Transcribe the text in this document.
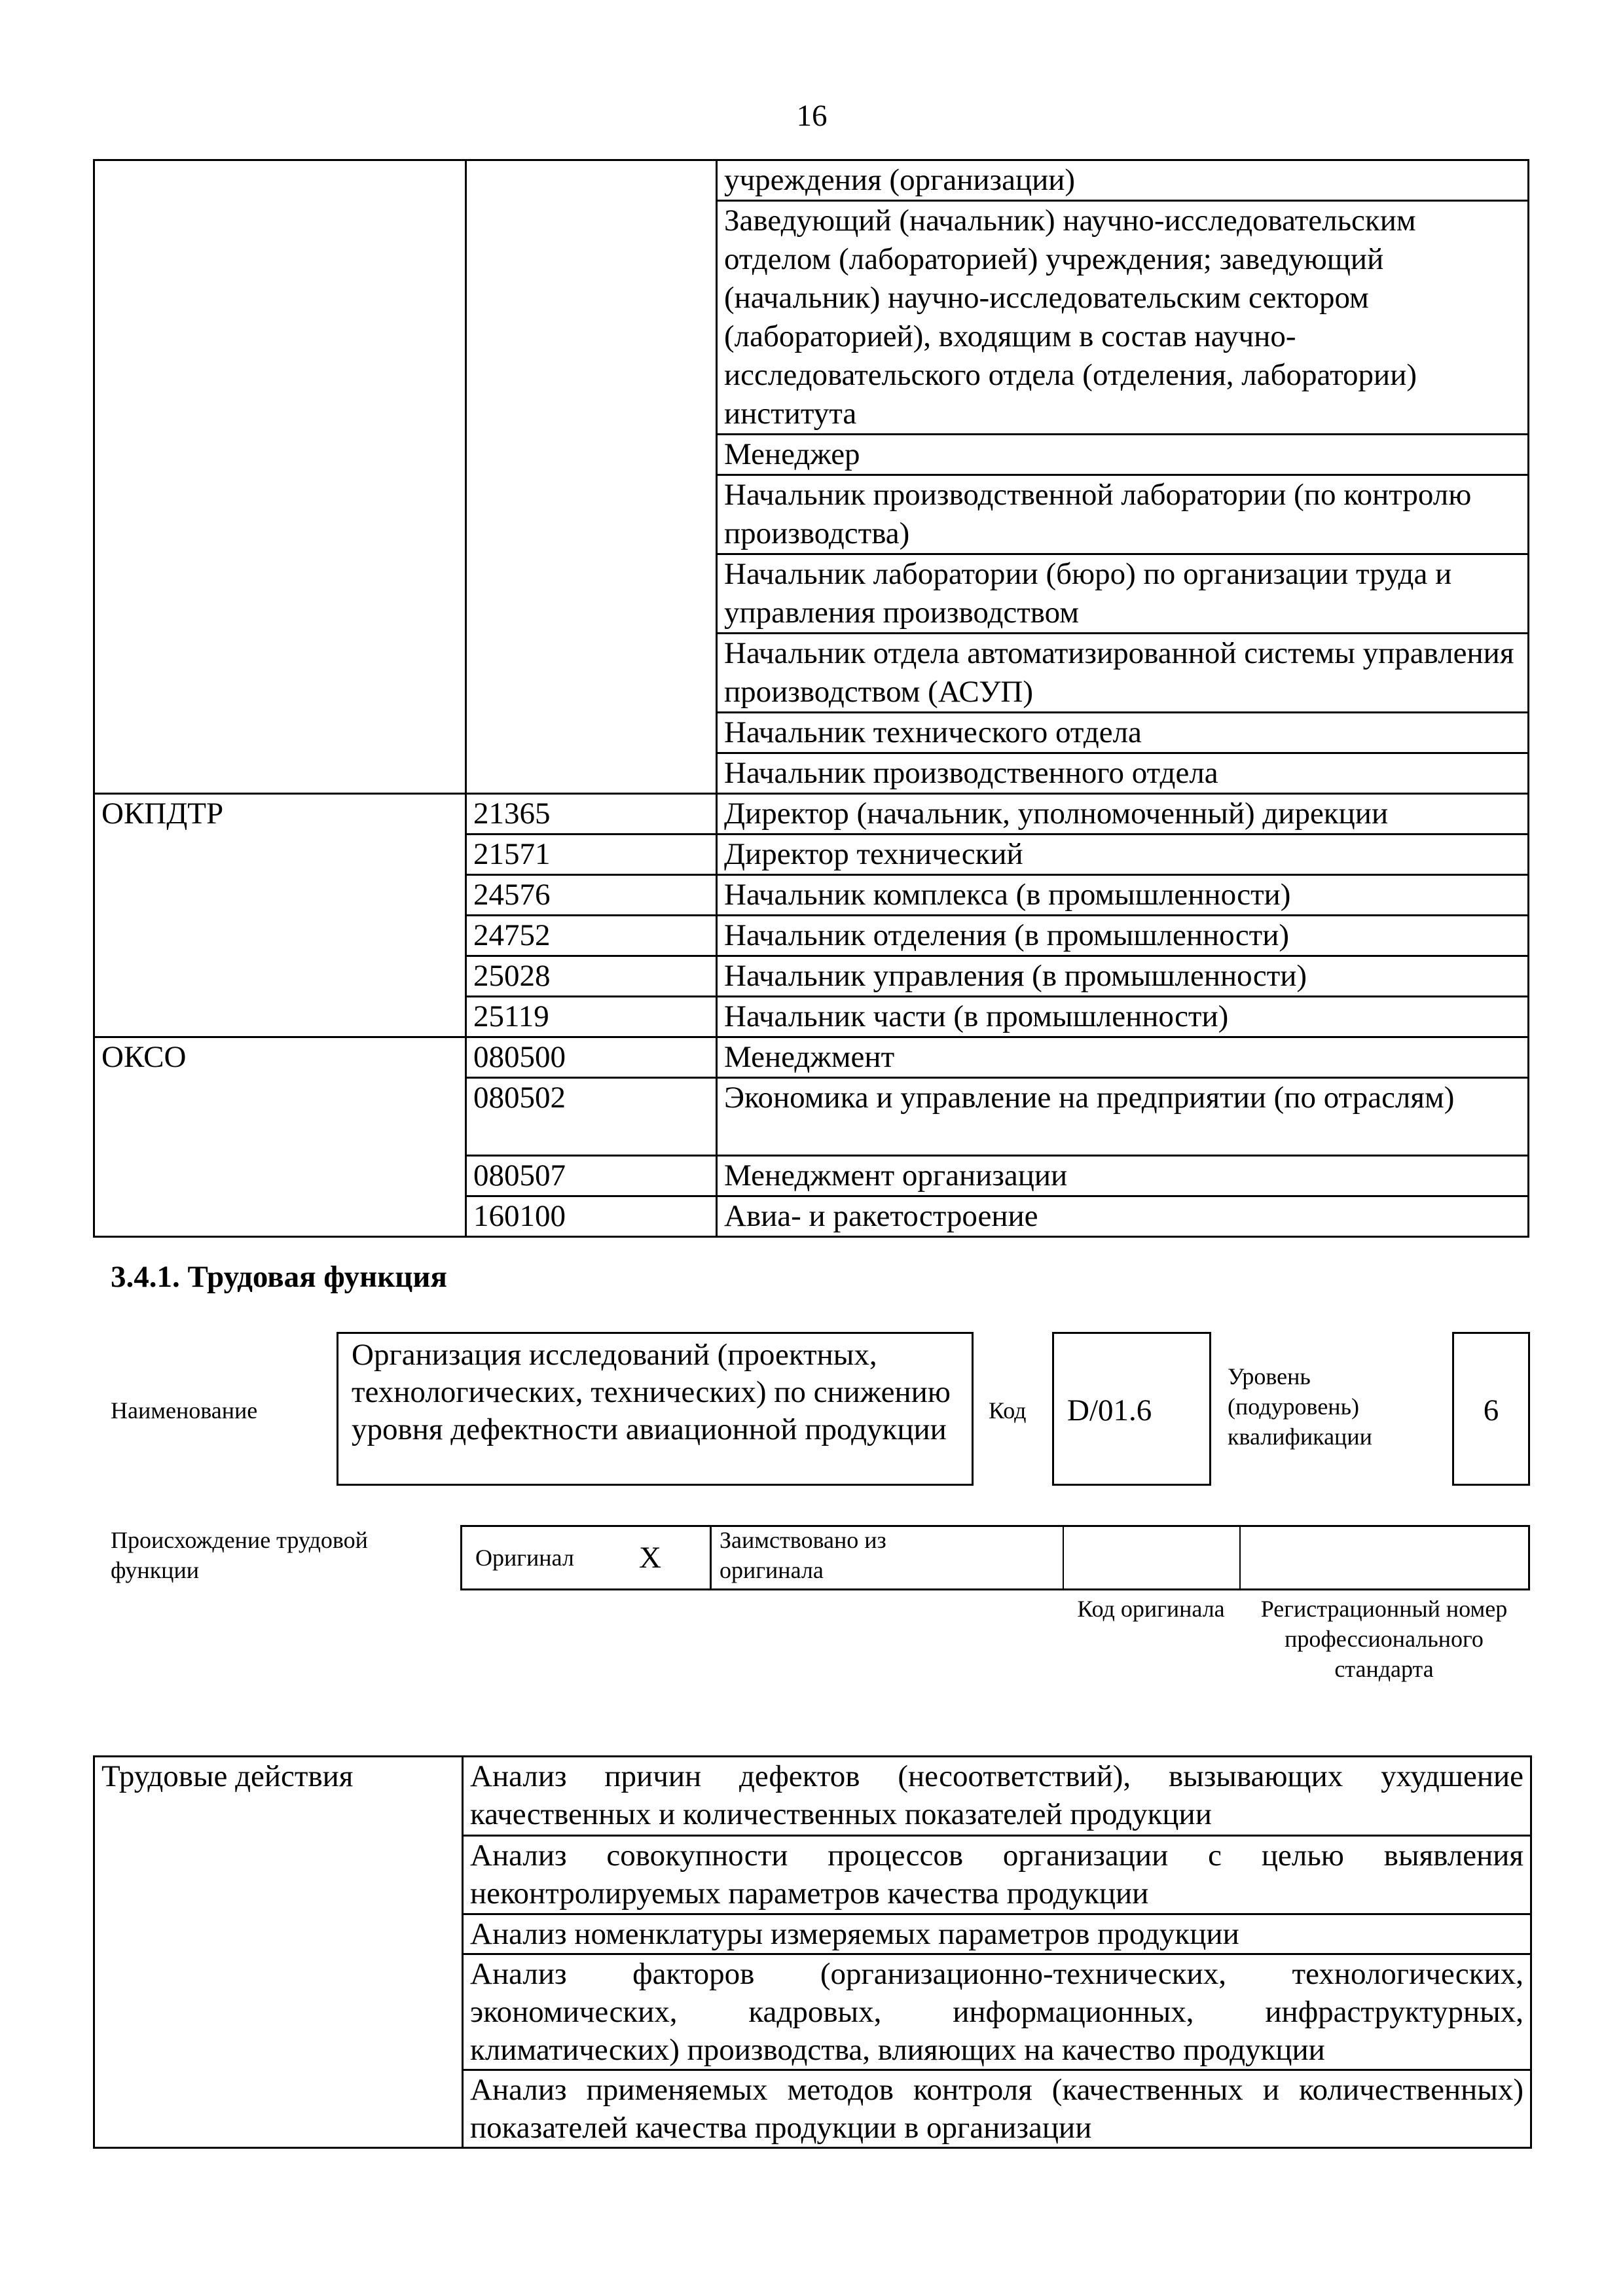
16
		учреждения (организации)
		Заведующий (начальник) научно-исследовательским отделом (лабораторией) учреждения; заведующий (начальник) научно-исследовательским сектором (лабораторией), входящим в состав научно-исследовательского отдела (отделения, лаборатории) института
		Менеджер
		Начальник производственной лаборатории (по контролю производства)
		Начальник лаборатории (бюро) по организации труда и управления производством
		Начальник отдела автоматизированной системы управления производством (АСУП)
		Начальник технического отдела
		Начальник производственного отдела
ОКПДТР	21365	Директор (начальник, уполномоченный) дирекции
	21571	Директор технический
	24576	Начальник комплекса (в промышленности)
	24752	Начальник отделения (в промышленности)
	25028	Начальник управления (в промышленности)
	25119	Начальник части (в промышленности)
ОКСО	080500	Менеджмент
	080502	Экономика и управление на предприятии (по отраслям)
	080507	Менеджмент организации
	160100	Авиа- и ракетостроение
3.4.1. Трудовая функция
Наименование
Организация исследований (проектных, технологических, технических) по снижению уровня дефектности авиационной продукции
Код	D/01.6
Уровень (подуровень) квалификации
6
Происхождение трудовой функции	Оригинал X
Заимствовано из оригинала
Код оригинала Регистрационный номер профессионального стандарта
Трудовые действия	Анализ причин дефектов (несоответствий), вызывающих ухудшение качественных и количественных показателей продукции
Анализ совокупности процессов организации с целью выявления неконтролируемых параметров качества продукции
Анализ номенклатуры измеряемых параметров продукции
Анализ факторов (организационно-технических, технологических, экономических, кадровых, информационных, инфраструктурных, климатических) производства, влияющих на качество продукции
Анализ применяемых методов контроля (качественных и количественных) показателей качества продукции в организации
